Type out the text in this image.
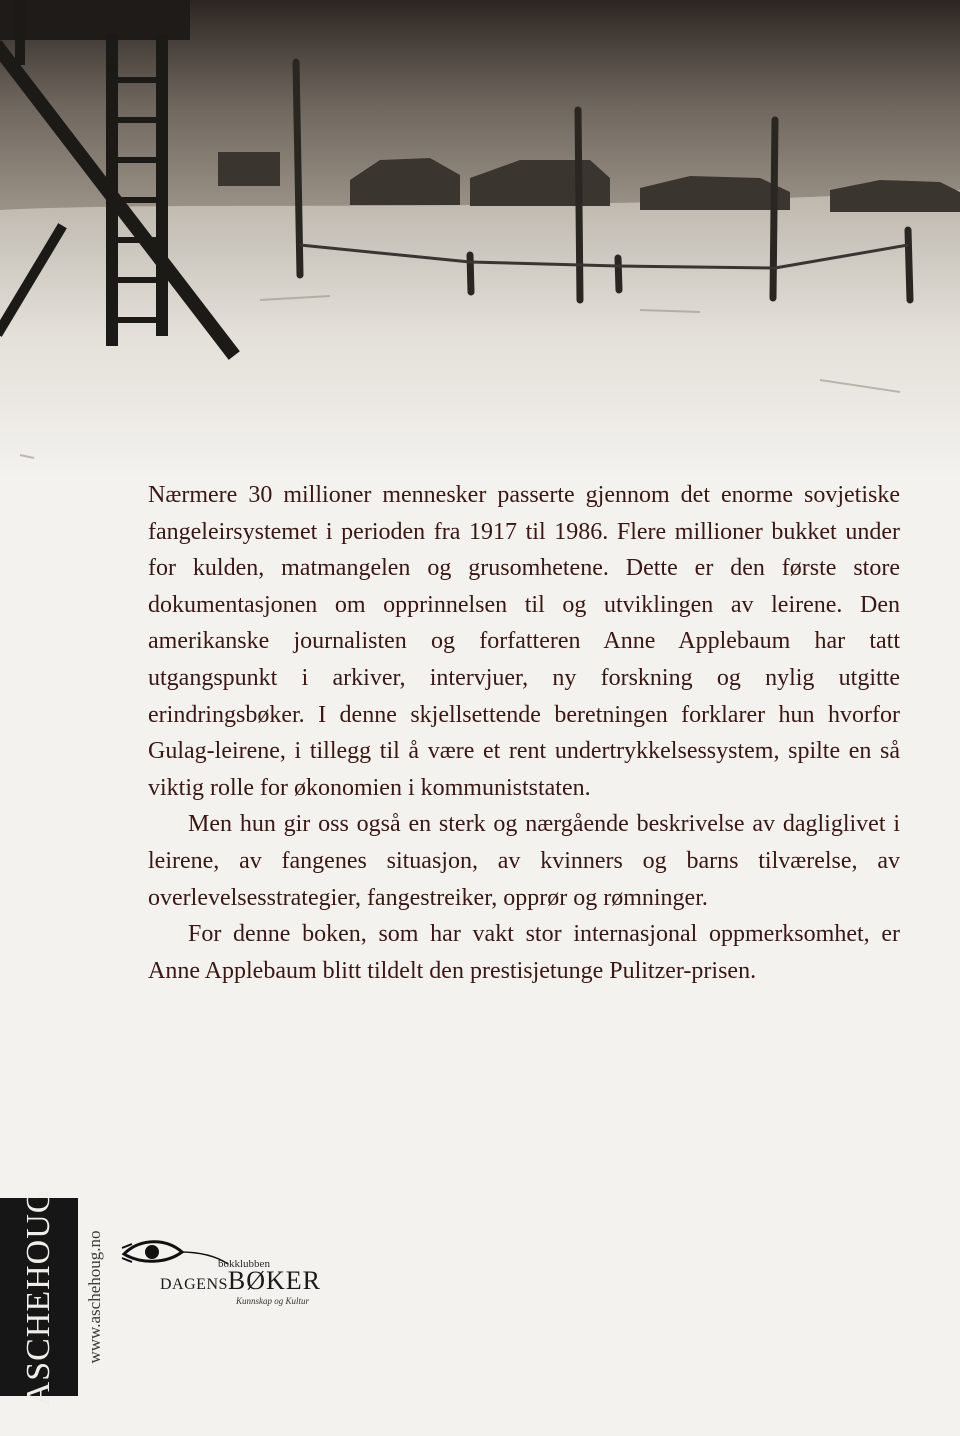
Nærmere 30 millioner mennesker passerte gjennom det enorme sovjetiske fangeleirsystemet i perioden fra 1917 til 1986. Flere millioner bukket under for kulden, matmangelen og grusomhetene. Dette er den første store dokumentasjonen om opprinnelsen til og utviklingen av leirene. Den amerikanske journalisten og forfatteren Anne Applebaum har tatt utgangspunkt i arkiver, intervjuer, ny forskning og nylig utgitte erindringsbøker. I denne skjellsettende beretningen forklarer hun hvorfor Gulag-leirene, i tillegg til å være et rent undertrykkelsessystem, spilte en så viktig rolle for økonomien i kommuniststaten.

Men hun gir oss også en sterk og nærgående beskrivelse av dagliglivet i leirene, av fangenes situasjon, av kvinners og barns tilværelse, av overlevelsesstrategier, fangestreiker, opprør og rømninger.

For denne boken, som har vakt stor internasjonal oppmerksomhet, er Anne Applebaum blitt tildelt den prestisjetunge Pulitzer-prisen.

ASCHEHOUG www.aschehoug.no	bokklubben
DAGENSBØKER
Kunnskap og Kultur
